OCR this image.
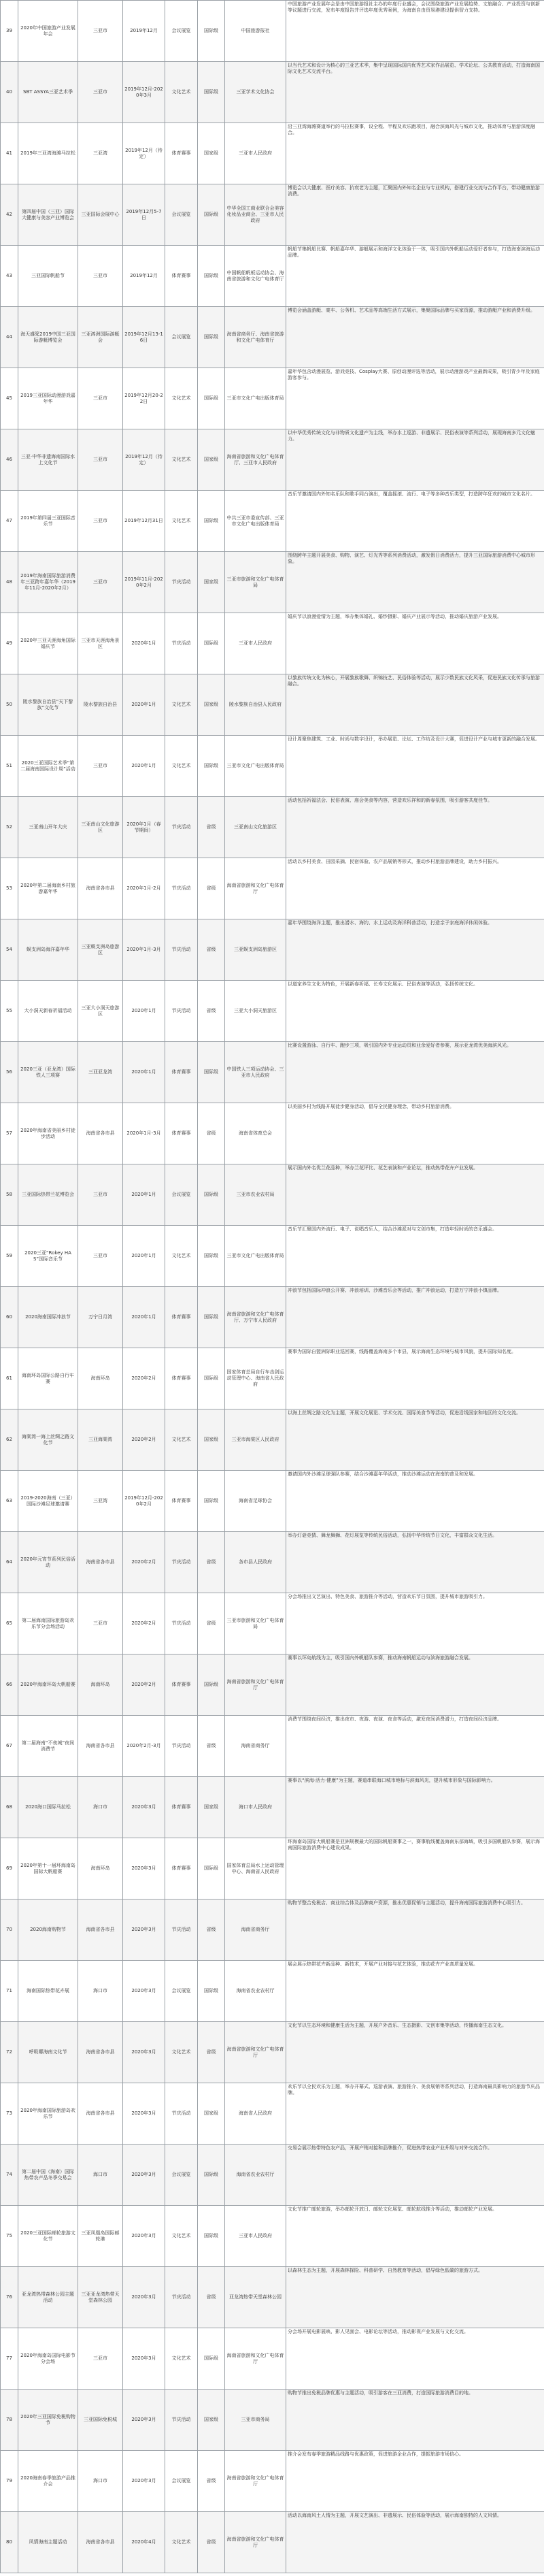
39	2020年中国旅游产业发展年会	三亚市	2019年12月	会议展览	国际级	中国旅游报社	中国旅游产业发展年会是由中国旅游报社主办的年度行业盛会，会议围绕旅游产业发展趋势、文旅融合、产业投资与创新等议题进行交流，发布年度报告并评选年度优秀案例，为海南自由贸易港建设提供智力支持。
40	SBT ASSYA三亚艺术季	三亚市	2019年12月-2020年3月	文化艺术	国际级	三亚学术文化协会	以当代艺术和设计为核心的三亚艺术季，集中呈现国际国内优秀艺术家作品展览、学术论坛、公共教育活动，打造海南国际文化艺术交流平台。
41	2019年三亚湾海滩马拉松	三亚湾	2019年12月（待定）	体育赛事	国家级	三亚市人民政府	沿三亚湾海滩赛道举行的马拉松赛事，设全程、半程及欢乐跑项目，融合滨海风光与城市文化，推动体育与旅游深度融合。
42	第四届中国（三亚）国际大健康与美容产业博览会	三亚国际会展中心	2019年12月5-7日	会议展览	国际级	中华全国工商业联合会美容化妆品业商会、三亚市人民政府	博览会以大健康、医疗美容、抗衰老为主题，汇聚国内外知名企业与专业机构，搭建行业交流与合作平台，带动健康旅游消费。
43	三亚国际帆船节	三亚市	2019年12月	体育赛事	国际级	中国帆船帆板运动协会、海南省旅游和文化广电体育厅	帆船节集帆船比赛、帆船嘉年华、游艇展示和海洋文化体验于一体，吸引国内外帆船运动爱好者参与，打造海南滨海运动品牌。
44	海天盛筵2019中国三亚国际游艇博览会	三亚鸿洲国际游艇会	2019年12月13-16日	会议展览	国际级	海南省商务厅、海南省旅游和文化广电体育厅	博览会涵盖游艇、豪车、公务机、艺术品等高端生活方式展示，集聚国际品牌与买家资源，推动游艇产业和消费升级。
45	2019三亚国际动漫游戏嘉年华	三亚市	2019年12月20-22日	文化艺术	国际级	三亚市文化广电出版体育局	嘉年华包含动漫展览、游戏竞技、Cosplay大赛、原创动漫评选等活动，展示动漫游戏产业最新成果，吸引青少年及家庭游客参与。
46	三亚·中华非遗海南国际水上文化节	三亚市	2019年12月（待定）	文化艺术	国家级	海南省旅游和文化广电体育厅、三亚市人民政府	以中华优秀传统文化与非物质文化遗产为主线，举办水上巡游、非遗展示、民俗表演等系列活动，展现海南多元文化魅力。
47	2019年第四届三亚国际音乐节	三亚市	2019年12月31日	文化艺术	国际级	中共三亚市委宣传部、三亚市文化广电出版体育局	音乐节邀请国内外知名乐队和歌手同台演出，覆盖摇滚、流行、电子等多种音乐类型，打造跨年狂欢的城市文化名片。
48	2019年海南国际旅游消费年三亚跨年嘉年华（2019年11月-2020年2月）	三亚市	2019年11月-2020年2月	节庆活动	国家级	三亚市旅游和文化广电体育局	围绕跨年主题开展美食、购物、演艺、灯光秀等系列消费活动，激发假日消费活力，提升三亚国际旅游消费中心城市形象。
49	2020年三亚天涯海角国际婚庆节	三亚市天涯海角景区	2020年1月	节庆活动	国际级	三亚市人民政府	婚庆节以浪漫爱情为主题，举办集体婚礼、婚纱摄影、婚庆产业展示等活动，推动婚庆旅游产业发展。
50	陵水黎族自治县“天下黎族”文化节	陵水黎族自治县	2020年1月	文化艺术	国家级	陵水黎族自治县人民政府	以黎族传统文化为核心，开展黎族歌舞、织锦技艺、民俗体验等活动，展示少数民族文化风采，促进民族文化传承与旅游融合。
51	2020三亚国际艺术季“第二届海南国际设计周”活动	三亚市	2020年1月	文化艺术	国际级	三亚市文化广电出版体育局	设计周聚焦建筑、工业、时尚与数字设计，举办展览、论坛、工作坊及设计大赛，促进设计产业与城市更新的融合发展。
52	三亚南山开年大庆	三亚南山文化旅游区	2020年1月（春节期间）	节庆活动	省级	三亚南山文化旅游区	活动包括祈福法会、民俗表演、庙会美食等内容，营造欢乐祥和的新春氛围，吸引游客共度佳节。
53	2020年第二届海南乡村旅游嘉年华	海南省各市县	2020年1月-2月	节庆活动	省级	海南省旅游和文化广电体育厅	活动以乡村美食、田园采摘、民宿体验、农产品展销等形式，推动乡村旅游品牌建设，助力乡村振兴。
54	蜈支洲岛海洋嘉年华	三亚蜈支洲岛旅游区	2020年1月-3月	节庆活动	省级	三亚蜈支洲岛旅游区	嘉年华围绕海洋主题，推出潜水、海钓、水上运动及海洋科普活动，打造亲子家庭海洋休闲体验。
55	大小洞天新春祈福活动	三亚大小洞天旅游区	2020年1月	节庆活动	省级	三亚大小洞天旅游区	以道家养生文化为特色，开展新春祈福、长寿文化展示、民俗表演等活动，弘扬传统文化。
56	2020三亚（亚龙湾）国际铁人三项赛	三亚亚龙湾	2020年1月	体育赛事	国际级	中国铁人三项运动协会、三亚市人民政府	比赛设置游泳、自行车、跑步三项，吸引国内外专业运动员和业余爱好者参赛，展示亚龙湾优美海滨风光。
57	2020年海南省美丽乡村徒步活动	海南省各市县	2020年1月-3月	体育赛事	省级	海南省体育总会	以美丽乡村为线路开展徒步健身活动，倡导全民健身理念，带动乡村旅游消费。
58	三亚国际热带兰花博览会	三亚市	2020年1月	会议展览	国际级	三亚市农业农村局	展示国内外名优兰花品种，举办兰花评比、花艺表演和产业论坛，推动热带花卉产业发展。
59	2020三亚“Rokey HAS”国际音乐节	三亚市	2020年1月	文化艺术	国际级	三亚市文化广电出版体育局	音乐节汇聚国内外流行、电子、说唱音乐人，结合沙滩派对与文创市集，打造年轻时尚的音乐盛会。
60	2020海南国际冲浪节	万宁日月湾	2020年1月	体育赛事	国际级	海南省旅游和文化广电体育厅、万宁市人民政府	冲浪节包括国际冲浪公开赛、冲浪培训、沙滩音乐会等活动，推广冲浪运动，打造万宁冲浪小镇品牌。
61	海南环岛国际公路自行车赛	海南环岛	2020年2月	体育赛事	国际级	国家体育总局自行车击剑运动管理中心、海南省人民政府	赛事为国际自盟洲际职业巡回赛，线路覆盖海南多个市县，展示海南生态环境与城市风貌，提升国际知名度。
62	海棠湾一海上丝绸之路文化节	三亚海棠湾	2020年2月	文化艺术	国家级	三亚市海棠区人民政府	以海上丝绸之路文化为主题，开展文化展览、学术交流、国际美食节等活动，促进沿线国家和地区的文化交流。
63	2019-2020海南（三亚）国际沙滩足球邀请赛	三亚湾	2019年12月-2020年2月	体育赛事	国际级	海南省足球协会	邀请国内外沙滩足球强队参赛，结合沙滩嘉年华活动，推动沙滩运动在海南的普及和发展。
64	2020年元宵节系列民俗活动	海南省各市县	2020年2月	节庆活动	省级	各市县人民政府	举办灯谜竞猜、舞龙舞狮、花灯展览等传统民俗活动，弘扬中华传统节日文化，丰富群众文化生活。
65	第二届海南国际旅游岛欢乐节分会场活动	三亚市	2020年2月	节庆活动	省级	三亚市旅游和文化广电体育局	分会场推出文艺演出、特色美食、旅游推介等活动，营造欢乐节日氛围，提升城市旅游吸引力。
66	2020年海南环岛大帆船赛	海南环岛	2020年2月	体育赛事	国际级	海南省旅游和文化广电体育厅	赛事以环岛航线为主，吸引国内外帆船队参赛，推动海南帆船运动与滨海旅游融合发展。
67	第二届海南“不夜城”夜间消费节	海南省各市县	2020年2月-3月	节庆活动	省级	海南省商务厅	消费节围绕夜间经济，推出夜市、夜游、夜演、夜食等活动，激发夜间消费潜力，打造夜间经济品牌。
68	2020海口国际马拉松	海口市	2020年3月	体育赛事	国家级	海口市人民政府	赛事以“滨海·活力·健康”为主题，赛道串联海口城市地标与滨海风光，提升城市形象与国际影响力。
69	2020年第十一届环海南岛国际大帆船赛	海南环岛	2020年3月	体育赛事	国际级	国家体育总局水上运动管理中心、海南省人民政府	环海南岛国际大帆船赛是亚洲规模最大的国际帆船赛事之一，赛事航线覆盖海南东部海域，吸引多国帆船队参赛，展示海南国际旅游消费中心建设成果。
70	2020海南购物节	海南省各市县	2020年3月	节庆活动	省级	海南省商务厅	购物节整合免税店、商业综合体及品牌商户资源，推出优惠促销与主题活动，提升海南国际旅游消费中心吸引力。
71	海南国际热带花卉展	海口市	2020年3月	会议展览	国际级	海南省农业农村厅	展会展示热带花卉新品种、新技术，开展产业对接与花艺体验，推动花卉产业高质量发展。
72	呼吸哪海南文化节	海南省各市县	2020年3月	文化艺术	省级	海南省旅游和文化广电体育厅	文化节以生态环境和健康生活为主题，开展户外音乐、生态摄影、文创市集等活动，传播海南生态文化。
73	2020年海南国际旅游岛欢乐节	海南省各市县	2020年3月	节庆活动	国家级	海南省人民政府	欢乐节以全民欢乐为主题，举办开幕式、巡游表演、旅游推介、美食展销等系列活动，打造海南最具影响力的旅游节庆品牌。
74	第二届中国（海南）国际热带农产品冬季交易会	海口市	2020年3月	会议展览	国际级	海南省农业农村厅	交易会展示热带特色农产品，开展产销对接和品牌推介，促进热带农业产业升级与对外交流合作。
75	2020三亚国际邮轮旅游文化节	三亚凤凰岛国际邮轮港	2020年3月	文化艺术	国际级	三亚市人民政府	文化节推广邮轮旅游，举办邮轮开放日、邮轮文化展览、邮轮航线推介等活动，推动邮轮产业发展。
76	亚龙湾热带森林公园主题活动	三亚亚龙湾热带天堂森林公园	2020年3月	节庆活动	省级	亚龙湾热带天堂森林公园	以森林生态为主题，开展森林探险、科普研学、自然教育等活动，倡导绿色低碳的旅游方式。
77	2020年海南岛国际电影节分会场	三亚市	2020年3月	文化艺术	国际级	海南省旅游和文化广电体育厅	分会场开展电影展映、影人见面会、电影论坛等活动，推动影视产业发展与文化交流。
78	2020年三亚国际免税购物节	三亚国际免税城	2020年3月	节庆活动	国家级	三亚市商务局	购物节推出免税品牌优惠与主题活动，吸引游客在三亚消费，打造国际旅游消费目的地。
79	2020海南春季旅游产品推介会	海口市	2020年3月	会议展览	省级	海南省旅游和文化广电体育厅	推介会发布春季旅游精品线路与优惠政策，促进旅游企业合作，提振旅游市场信心。
80	风情海南主题活动	海南省各市县	2020年4月	文化艺术	省级	海南省旅游和文化广电体育厅	活动以海南风土人情为主题，开展文艺演出、非遗展示、民俗体验等活动，展示海南独特的人文风情。
